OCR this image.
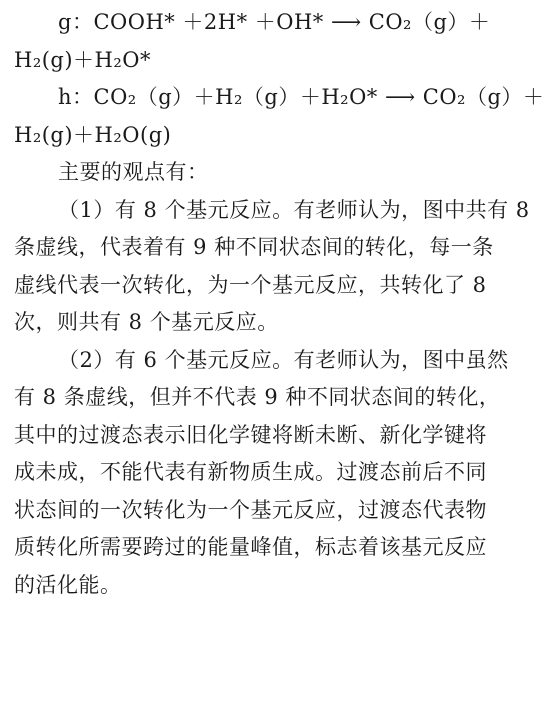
g：COOH* ＋2H* ＋OH* ⟶ CO₂（g）＋
H₂(g)＋H₂O*
h：CO₂（g）＋H₂（g）＋H₂O* ⟶ CO₂（g）＋
H₂(g)＋H₂O(g)
主要的观点有：
（1）有 8 个基元反应。有老师认为，图中共有 8
条虚线，代表着有 9 种不同状态间的转化，每一条
虚线代表一次转化，为一个基元反应，共转化了 8
次，则共有 8 个基元反应。
（2）有 6 个基元反应。有老师认为，图中虽然
有 8 条虚线，但并不代表 9 种不同状态间的转化，
其中的过渡态表示旧化学键将断未断、新化学键将
成未成，不能代表有新物质生成。过渡态前后不同
状态间的一次转化为一个基元反应，过渡态代表物
质转化所需要跨过的能量峰值，标志着该基元反应
的活化能。
